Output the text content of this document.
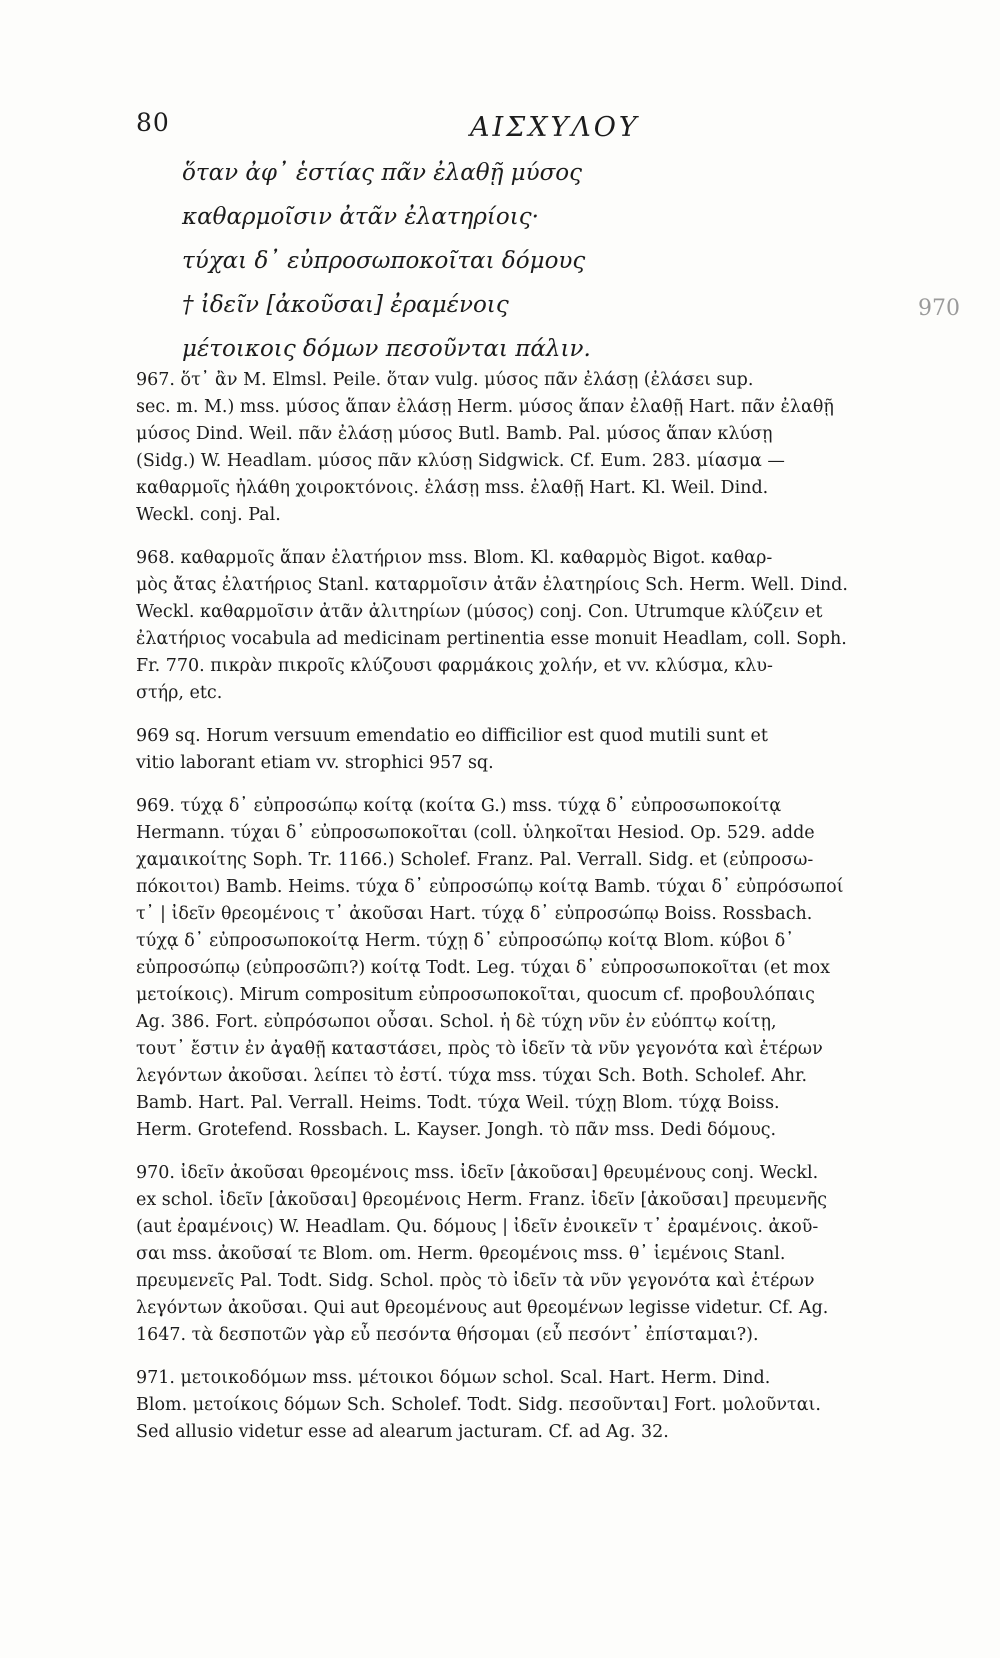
80	ΑΙΣΧΥΛΟΥ
ὅταν ἀφ᾽ ἑστίας πᾶν ἐλαθῇ μύσος
καθαρμοῖσιν ἀτᾶν ἐλατηρίοις·
τύχαι δ᾽ εὐπροσωποκοῖται δόμους
† ἰδεῖν [ἀκοῦσαι] ἐραμένοις
μέτοικοις δόμων πεσοῦνται πάλιν.
970
967. ὅτ᾽ ἂν M. Elmsl. Peile. ὅταν vulg. μύσος πᾶν ἐλάσῃ (ἐλάσει sup.
sec. m. M.) mss. μύσος ἅπαν ἐλάσῃ Herm. μύσος ἅπαν ἐλαθῇ Hart. πᾶν ἐλαθῇ
μύσος Dind. Weil. πᾶν ἐλάσῃ μύσος Butl. Bamb. Pal. μύσος ἅπαν κλύσῃ
(Sidg.) W. Headlam. μύσος πᾶν κλύσῃ Sidgwick. Cf. Eum. 283. μίασμα —
καθαρμοῖς ἠλάθη χοιροκτόνοις. ἐλάσῃ mss. ἐλαθῇ Hart. Kl. Weil. Dind.
Weckl. conj. Pal.
968. καθαρμοῖς ἅπαν ἐλατήριον mss. Blom. Kl. καθαρμὸς Bigot. καθαρ-
μὸς ἄτας ἐλατήριος Stanl. καταρμοῖσιν ἀτᾶν ἐλατηρίοις Sch. Herm. Well. Dind.
Weckl. καθαρμοῖσιν ἀτᾶν ἀλιτηρίων (μύσος) conj. Con. Utrumque κλύζειν et
ἐλατήριος vocabula ad medicinam pertinentia esse monuit Headlam, coll. Soph.
Fr. 770. πικρὰν πικροῖς κλύζουσι φαρμάκοις χολήν, et vv. κλύσμα, κλυ-
στήρ, etc.
969 sq. Horum versuum emendatio eo difficilior est quod mutili sunt et
vitio laborant etiam vv. strophici 957 sq.
969. τύχᾳ δ᾽ εὐπροσώπῳ κοίτᾳ (κοίτα G.) mss. τύχᾳ δ᾽ εὐπροσωποκοίτᾳ
Hermann. τύχαι δ᾽ εὐπροσωποκοῖται (coll. ὑληκοῖται Hesiod. Op. 529. adde
χαμαικοίτης Soph. Tr. 1166.) Scholef. Franz. Pal. Verrall. Sidg. et (εὐπροσω-
πόκοιτοι) Bamb. Heims. τύχα δ᾽ εὐπροσώπῳ κοίτᾳ Bamb. τύχαι δ᾽ εὐπρόσωποί
τ᾽ | ἰδεῖν θρεομένοις τ᾽ ἀκοῦσαι Hart. τύχᾳ δ᾽ εὐπροσώπῳ Boiss. Rossbach.
τύχᾳ δ᾽ εὐπροσωποκοίτᾳ Herm. τύχῃ δ᾽ εὐπροσώπῳ κοίτᾳ Blom. κύβοι δ᾽
εὐπροσώπῳ (εὐπροσῶπι?) κοίτᾳ Todt. Leg. τύχαι δ᾽ εὐπροσωποκοῖται (et mox
μετοίκοις). Mirum compositum εὐπροσωποκοῖται, quocum cf. προβουλόπαις
Ag. 386. Fort. εὐπρόσωποι οὖσαι. Schol. ἡ δὲ τύχη νῦν ἐν εὐόπτῳ κοίτῃ,
τουτ᾽ ἔστιν ἐν ἀγαθῇ καταστάσει, πρὸς τὸ ἰδεῖν τὰ νῦν γεγονότα καὶ ἑτέρων
λεγόντων ἀκοῦσαι. λείπει τὸ ἐστί. τύχα mss. τύχαι Sch. Both. Scholef. Ahr.
Bamb. Hart. Pal. Verrall. Heims. Todt. τύχα Weil. τύχῃ Blom. τύχᾳ Boiss.
Herm. Grotefend. Rossbach. L. Kayser. Jongh. τὸ πᾶν mss. Dedi δόμους.
970. ἰδεῖν ἀκοῦσαι θρεομένοις mss. ἰδεῖν [ἀκοῦσαι] θρευμένους conj. Weckl.
ex schol. ἰδεῖν [ἀκοῦσαι] θρεομένοις Herm. Franz. ἰδεῖν [ἀκοῦσαι] πρευμενῆς
(aut ἐραμένοις) W. Headlam. Qu. δόμους | ἰδεῖν ἐνοικεῖν τ᾽ ἐραμένοις. ἀκοῦ-
σαι mss. ἀκοῦσαί τε Blom. om. Herm. θρεομένοις mss. θ᾽ ἱεμένοις Stanl.
πρευμενεῖς Pal. Todt. Sidg. Schol. πρὸς τὸ ἰδεῖν τὰ νῦν γεγονότα καὶ ἑτέρων
λεγόντων ἀκοῦσαι. Qui aut θρεομένους aut θρεομένων legisse videtur. Cf. Ag.
1647. τὰ δεσποτῶν γὰρ εὖ πεσόντα θήσομαι (εὖ πεσόντ᾽ ἐπίσταμαι?).
971. μετοικοδόμων mss. μέτοικοι δόμων schol. Scal. Hart. Herm. Dind.
Blom. μετοίκοις δόμων Sch. Scholef. Todt. Sidg. πεσοῦνται] Fort. μολοῦνται.
Sed allusio videtur esse ad alearum jacturam. Cf. ad Ag. 32.
